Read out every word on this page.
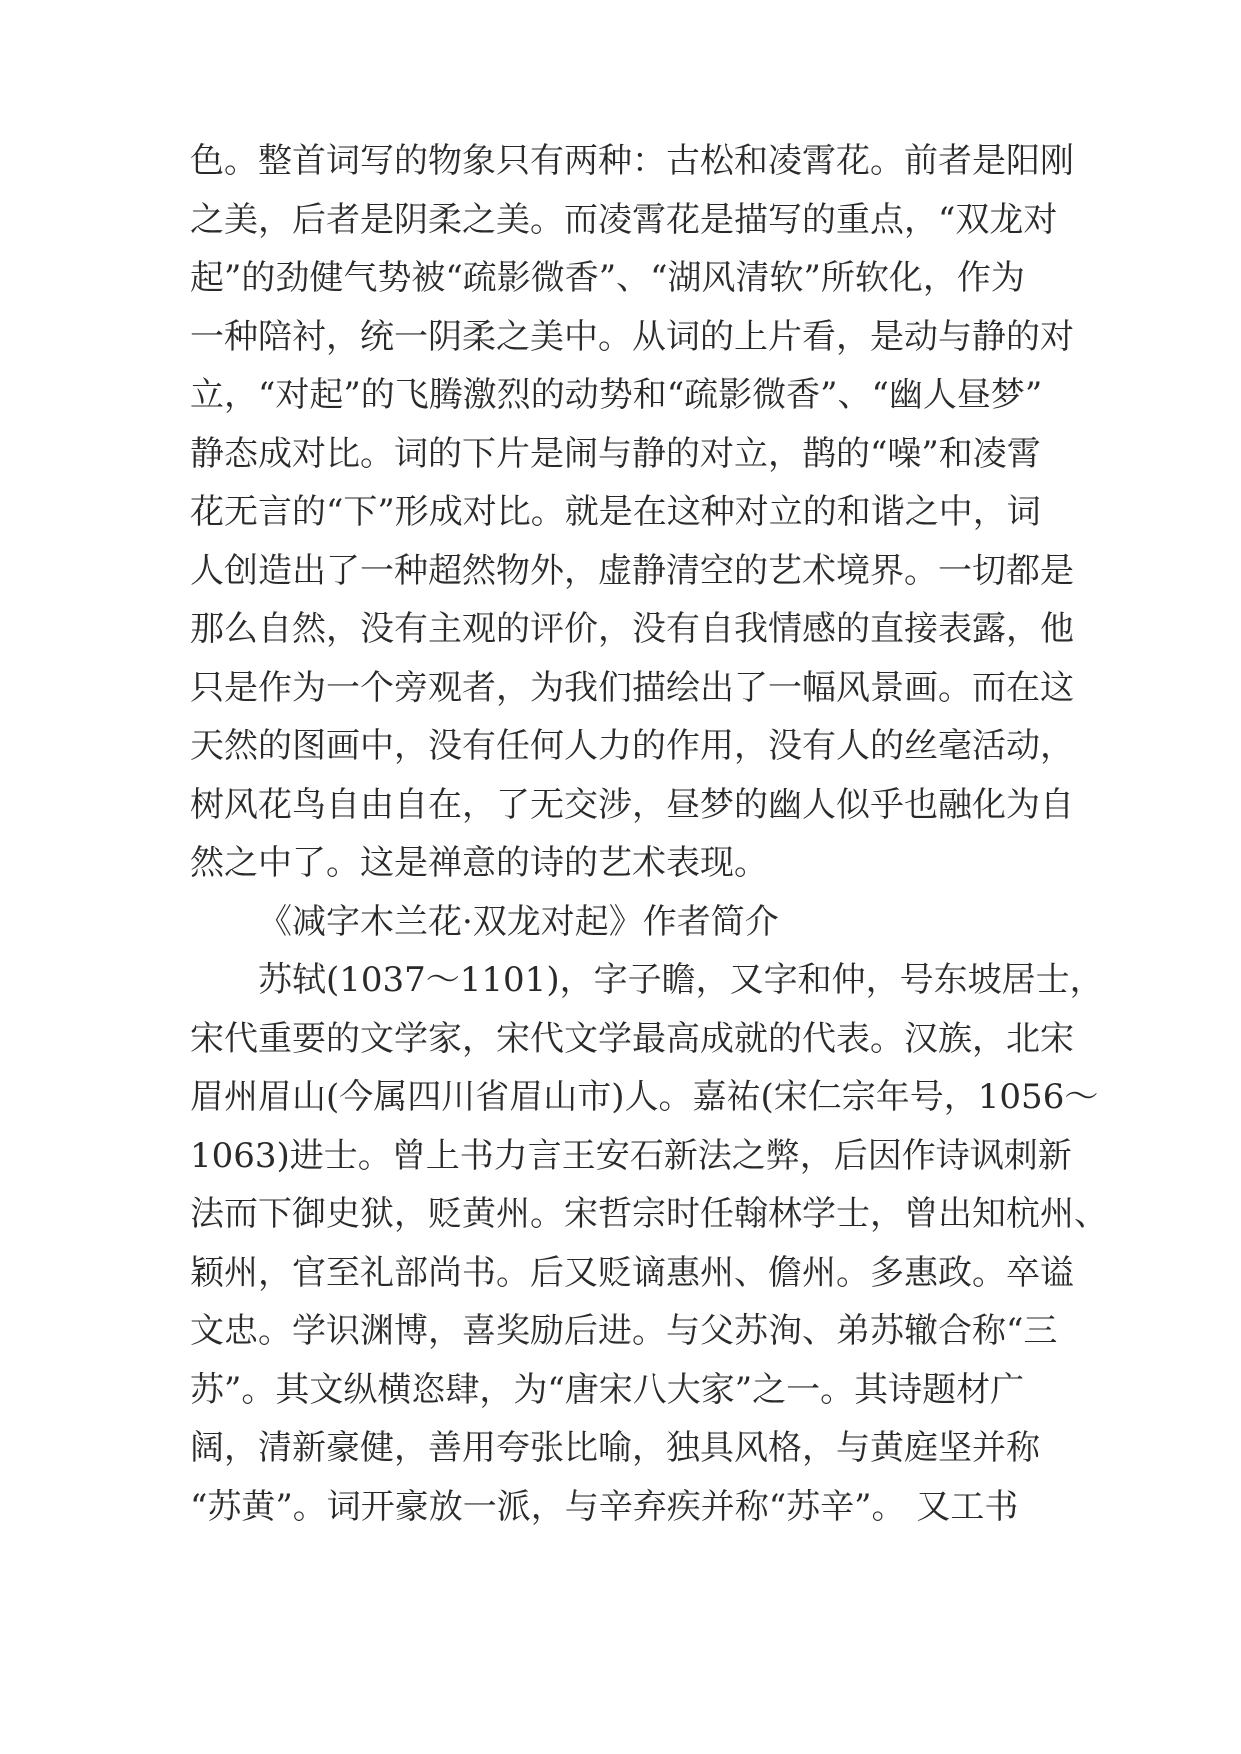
色。整首词写的物象只有两种：古松和凌霄花。前者是阳刚
之美，后者是阴柔之美。而凌霄花是描写的重点，“双龙对
起”的劲健气势被“疏影微香”、“湖风清软”所软化，作为
一种陪衬，统一阴柔之美中。从词的上片看，是动与静的对
立，“对起”的飞腾激烈的动势和“疏影微香”、“幽人昼梦”
静态成对比。词的下片是闹与静的对立，鹊的“噪”和凌霄
花无言的“下”形成对比。就是在这种对立的和谐之中，词
人创造出了一种超然物外，虚静清空的艺术境界。一切都是
那么自然，没有主观的评价，没有自我情感的直接表露，他
只是作为一个旁观者，为我们描绘出了一幅风景画。而在这
天然的图画中，没有任何人力的作用，没有人的丝毫活动，
树风花鸟自由自在，了无交涉，昼梦的幽人似乎也融化为自
然之中了。这是禅意的诗的艺术表现。
《减字木兰花·双龙对起》作者简介
苏轼(1037～1101)，字子瞻，又字和仲，号东坡居士，
宋代重要的文学家，宋代文学最高成就的代表。汉族，北宋
眉州眉山(今属四川省眉山市)人。嘉祐(宋仁宗年号，1056～
1063)进士。曾上书力言王安石新法之弊，后因作诗讽刺新
法而下御史狱，贬黄州。宋哲宗时任翰林学士，曾出知杭州、
颖州，官至礼部尚书。后又贬谪惠州、儋州。多惠政。卒谥
文忠。学识渊博，喜奖励后进。与父苏洵、弟苏辙合称“三
苏”。其文纵横恣肆，为“唐宋八大家”之一。其诗题材广
阔，清新豪健，善用夸张比喻，独具风格，与黄庭坚并称
“苏黄”。词开豪放一派，与辛弃疾并称“苏辛”。 又工书
